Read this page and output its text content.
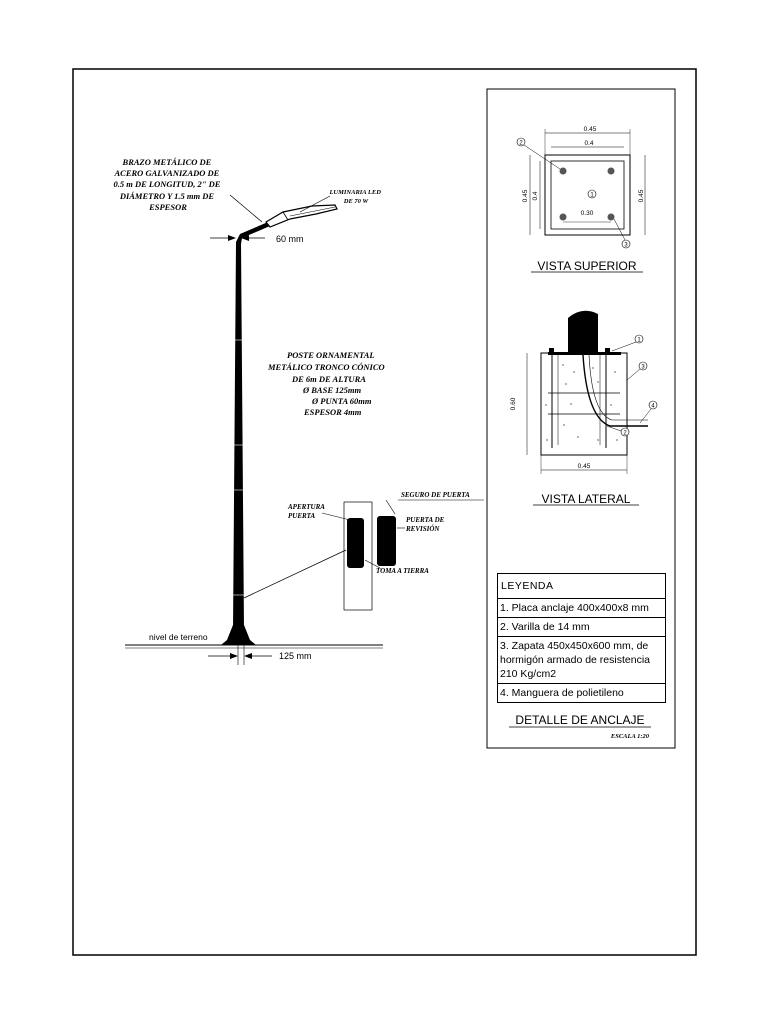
BRAZO METÁLICO DE ACERO GALVANIZADO DE 0.5 m DE LONGITUD, 2" DE DIÁMETRO Y 1.5 mm DE ESPESOR
LUMINARIA LED DE 70 W
60 mm
POSTE ORNAMENTAL METÁLICO TRONCO CÓNICO DE 6m DE ALTURA Ø BASE 125mm Ø PUNTA 60mm ESPESOR 4mm
APERTURA PUERTA
SEGURO DE PUERTA
PUERTA DE REVISIÓN
TOMA A TIERRA
nivel de terreno
125 mm
0.45
0.4
0.45 0.4	0.45
0.30
1
2
3
VISTA SUPERIOR
0.60
0.45
1
2
3
4
VISTA LATERAL
DETALLE DE ANCLAJE
ESCALA 1:20
LEYENDA
1. Placa anclaje 400x400x8 mm
2. Varilla de 14 mm
3. Zapata 450x450x600 mm, de hormigón armado de resistencia 210 Kg/cm2
4. Manguera de polietileno
